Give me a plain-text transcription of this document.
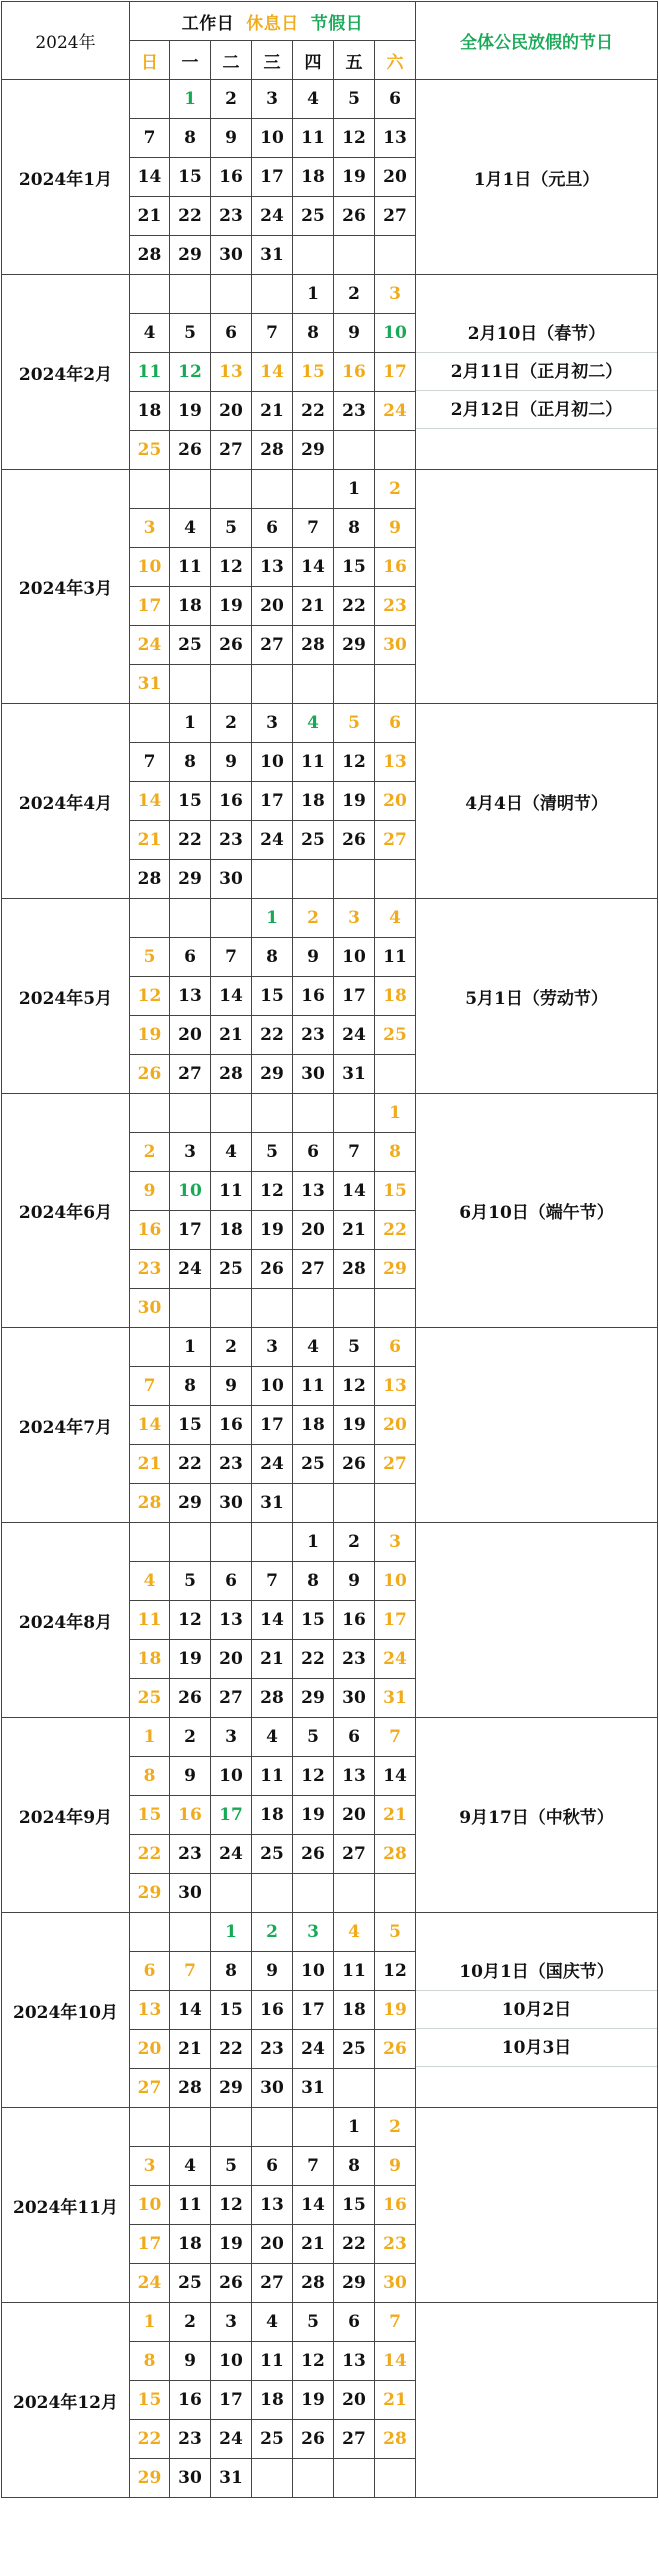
2024年	工作日 休息日 节假日							全体公民放假的节日
	日	一	二	三	四	五	六	
2024年1月		1	2	3	4	5	6	1月1日（元旦）

	7	8	9	10	11	12	13	
	14	15	16	17	18	19	20	
	21	22	23	24	25	26	27	
	28	29	30	31				
2024年2月					1	2	3	2月10日（春节）
2月11日（正月初二）
2月12日（正月初二）

	4	5	6	7	8	9	10	
	11	12	13	14	15	16	17	
	18	19	20	21	22	23	24	
	25	26	27	28	29			
2024年3月						1	2	
	3	4	5	6	7	8	9	
	10	11	12	13	14	15	16	
	17	18	19	20	21	22	23	
	24	25	26	27	28	29	30	
	31							
2024年4月		1	2	3	4	5	6	4月4日（清明节）

	7	8	9	10	11	12	13	
	14	15	16	17	18	19	20	
	21	22	23	24	25	26	27	
	28	29	30					
2024年5月				1	2	3	4	5月1日（劳动节）

	5	6	7	8	9	10	11	
	12	13	14	15	16	17	18	
	19	20	21	22	23	24	25	
	26	27	28	29	30	31		
2024年6月							1	6月10日（端午节）

	2	3	4	5	6	7	8	
	9	10	11	12	13	14	15	
	16	17	18	19	20	21	22	
	23	24	25	26	27	28	29	
	30							
2024年7月		1	2	3	4	5	6	
	7	8	9	10	11	12	13	
	14	15	16	17	18	19	20	
	21	22	23	24	25	26	27	
	28	29	30	31				
2024年8月					1	2	3	
	4	5	6	7	8	9	10	
	11	12	13	14	15	16	17	
	18	19	20	21	22	23	24	
	25	26	27	28	29	30	31	
2024年9月	1	2	3	4	5	6	7	9月17日（中秋节）

	8	9	10	11	12	13	14	
	15	16	17	18	19	20	21	
	22	23	24	25	26	27	28	
	29	30						
2024年10月			1	2	3	4	5	10月1日（国庆节）
10月2日
10月3日

	6	7	8	9	10	11	12	
	13	14	15	16	17	18	19	
	20	21	22	23	24	25	26	
	27	28	29	30	31			
2024年11月						1	2	
	3	4	5	6	7	8	9	
	10	11	12	13	14	15	16	
	17	18	19	20	21	22	23	
	24	25	26	27	28	29	30	
2024年12月	1	2	3	4	5	6	7	
	8	9	10	11	12	13	14	
	15	16	17	18	19	20	21	
	22	23	24	25	26	27	28	
	29	30	31					
